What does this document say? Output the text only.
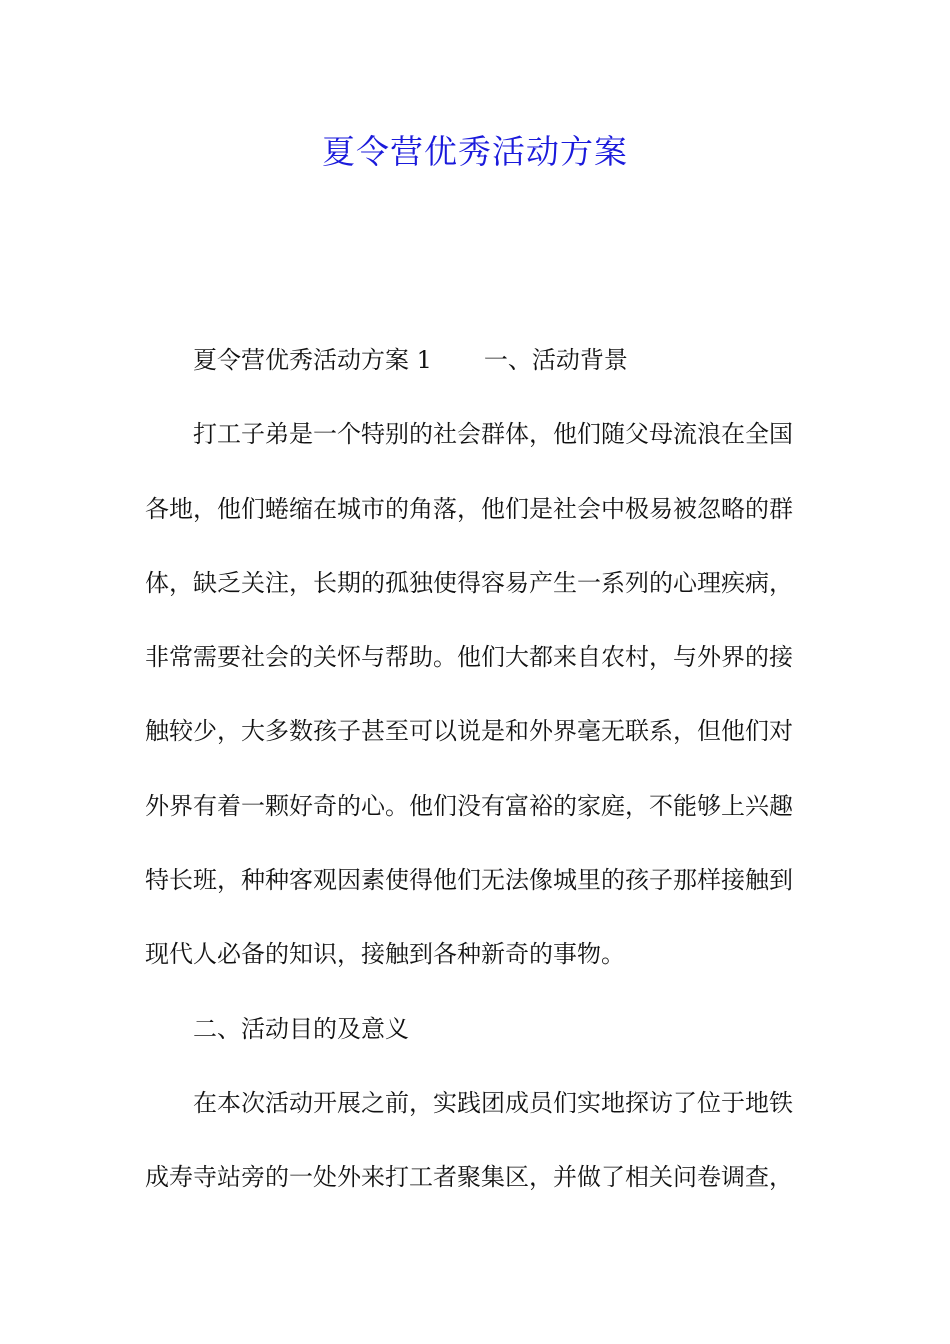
夏令营优秀活动方案
夏令营优秀活动方案 1 一、活动背景
打工子弟是一个特别的社会群体，他们随父母流浪在全国
各地，他们蜷缩在城市的角落，他们是社会中极易被忽略的群
体，缺乏关注，长期的孤独使得容易产生一系列的心理疾病，
非常需要社会的关怀与帮助。他们大都来自农村，与外界的接
触较少，大多数孩子甚至可以说是和外界毫无联系，但他们对
外界有着一颗好奇的心。他们没有富裕的家庭，不能够上兴趣
特长班，种种客观因素使得他们无法像城里的孩子那样接触到
现代人必备的知识，接触到各种新奇的事物。
二、活动目的及意义
在本次活动开展之前，实践团成员们实地探访了位于地铁
成寿寺站旁的一处外来打工者聚集区，并做了相关问卷调查，
